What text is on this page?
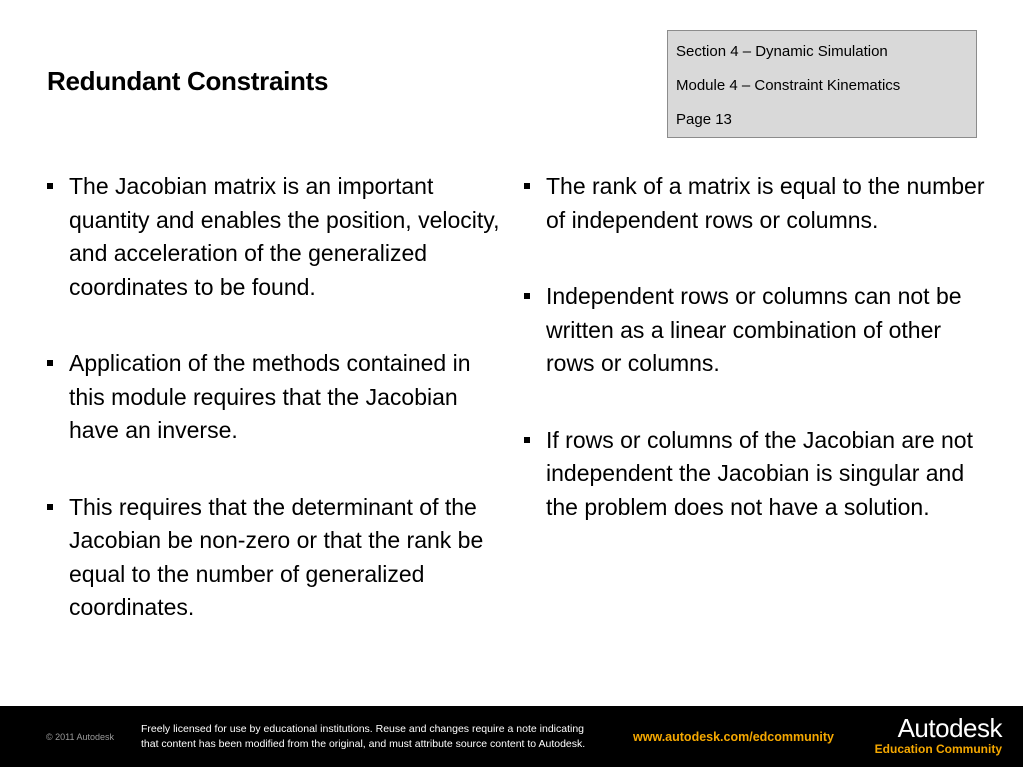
Redundant Constraints
Section 4 – Dynamic Simulation
Module 4 – Constraint Kinematics
Page 13
The Jacobian matrix is an important quantity and enables the position, velocity, and acceleration of the generalized coordinates to be found.
Application of the methods contained in this module requires that the Jacobian have an inverse.
This requires that the determinant of the Jacobian be non-zero or that the rank be equal to the number of generalized coordinates.
The rank of a matrix is equal to the number of independent rows or columns.
Independent rows or columns can not be written as a linear combination of other rows or columns.
If rows or columns of the Jacobian are not independent the Jacobian is singular and the problem does not have a solution.
© 2011 Autodesk
Freely licensed for use by educational institutions. Reuse and changes require a note indicating
that content has been modified from the original, and must attribute source content to Autodesk.	www.autodesk.com/edcommunity	Autodesk
Education Community
